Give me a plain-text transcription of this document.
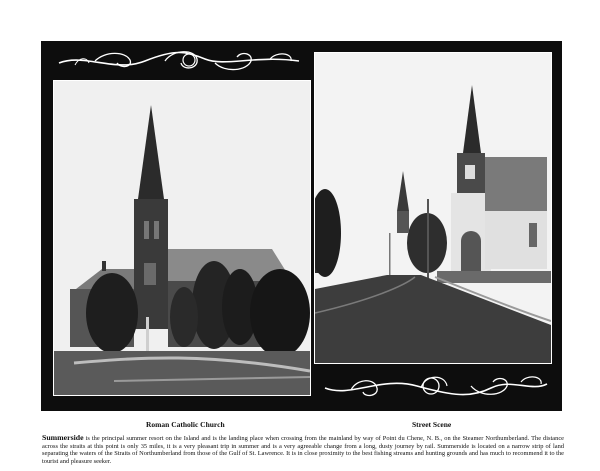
Roman Catholic Church	Street Scene
Summerside is the principal summer resort on the Island and is the landing place when crossing from the mainland by way of Point du Chene, N. B., on the Steamer Northumberland. The distance across the straits at this point is only 35 miles, it is a very pleasant trip in summer and is a very agreeable change from a long, dusty journey by rail. Summerside is located on a narrow strip of land separating the waters of the Straits of Northumberland from those of the Gulf of St. Lawrence. It is in close proximity to the best fishing streams and hunting grounds and has much to recommend it to the tourist and pleasure seeker.
